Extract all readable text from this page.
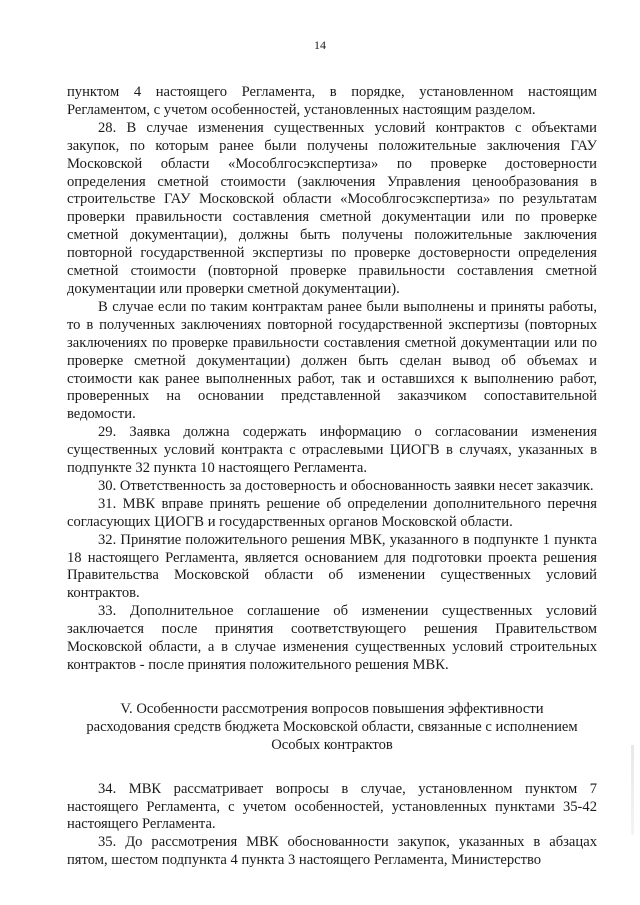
14

пунктом 4 настоящего Регламента, в порядке, установленном настоящим Регламентом, с учетом особенностей, установленных настоящим разделом.

28. В случае изменения существенных условий контрактов с объектами закупок, по которым ранее были получены положительные заключения ГАУ Московской области «Мособлгосэкспертиза» по проверке достоверности определения сметной стоимости (заключения Управления ценообразования в строительстве ГАУ Московской области «Мособлгосэкспертиза» по результатам проверки правильности составления сметной документации или по проверке сметной документации), должны быть получены положительные заключения повторной государственной экспертизы по проверке достоверности определения сметной стоимости (повторной проверке правильности составления сметной документации или проверки сметной документации).

В случае если по таким контрактам ранее были выполнены и приняты работы, то в полученных заключениях повторной государственной экспертизы (повторных заключениях по проверке правильности составления сметной документации или по проверке сметной документации) должен быть сделан вывод об объемах и стоимости как ранее выполненных работ, так и оставшихся к выполнению работ, проверенных на основании представленной заказчиком сопоставительной ведомости.

29. Заявка должна содержать информацию о согласовании изменения существенных условий контракта с отраслевыми ЦИОГВ в случаях, указанных в подпункте 32 пункта 10 настоящего Регламента.

30. Ответственность за достоверность и обоснованность заявки несет заказчик.

31. МВК вправе принять решение об определении дополнительного перечня согласующих ЦИОГВ и государственных органов Московской области.

32. Принятие положительного решения МВК, указанного в подпункте 1 пункта 18 настоящего Регламента, является основанием для подготовки проекта решения Правительства Московской области об изменении существенных условий контрактов.

33. Дополнительное соглашение об изменении существенных условий заключается после принятия соответствующего решения Правительством Московской области, а в случае изменения существенных условий строительных контрактов - после принятия положительного решения МВК.

V. Особенности рассмотрения вопросов повышения эффективности
расходования средств бюджета Московской области, связанные с исполнением
Особых контрактов

34. МВК рассматривает вопросы в случае, установленном пунктом 7 настоящего Регламента, с учетом особенностей, установленных пунктами 35-42 настоящего Регламента.

35. До рассмотрения МВК обоснованности закупок, указанных в абзацах пятом, шестом подпункта 4 пункта 3 настоящего Регламента, Министерство
